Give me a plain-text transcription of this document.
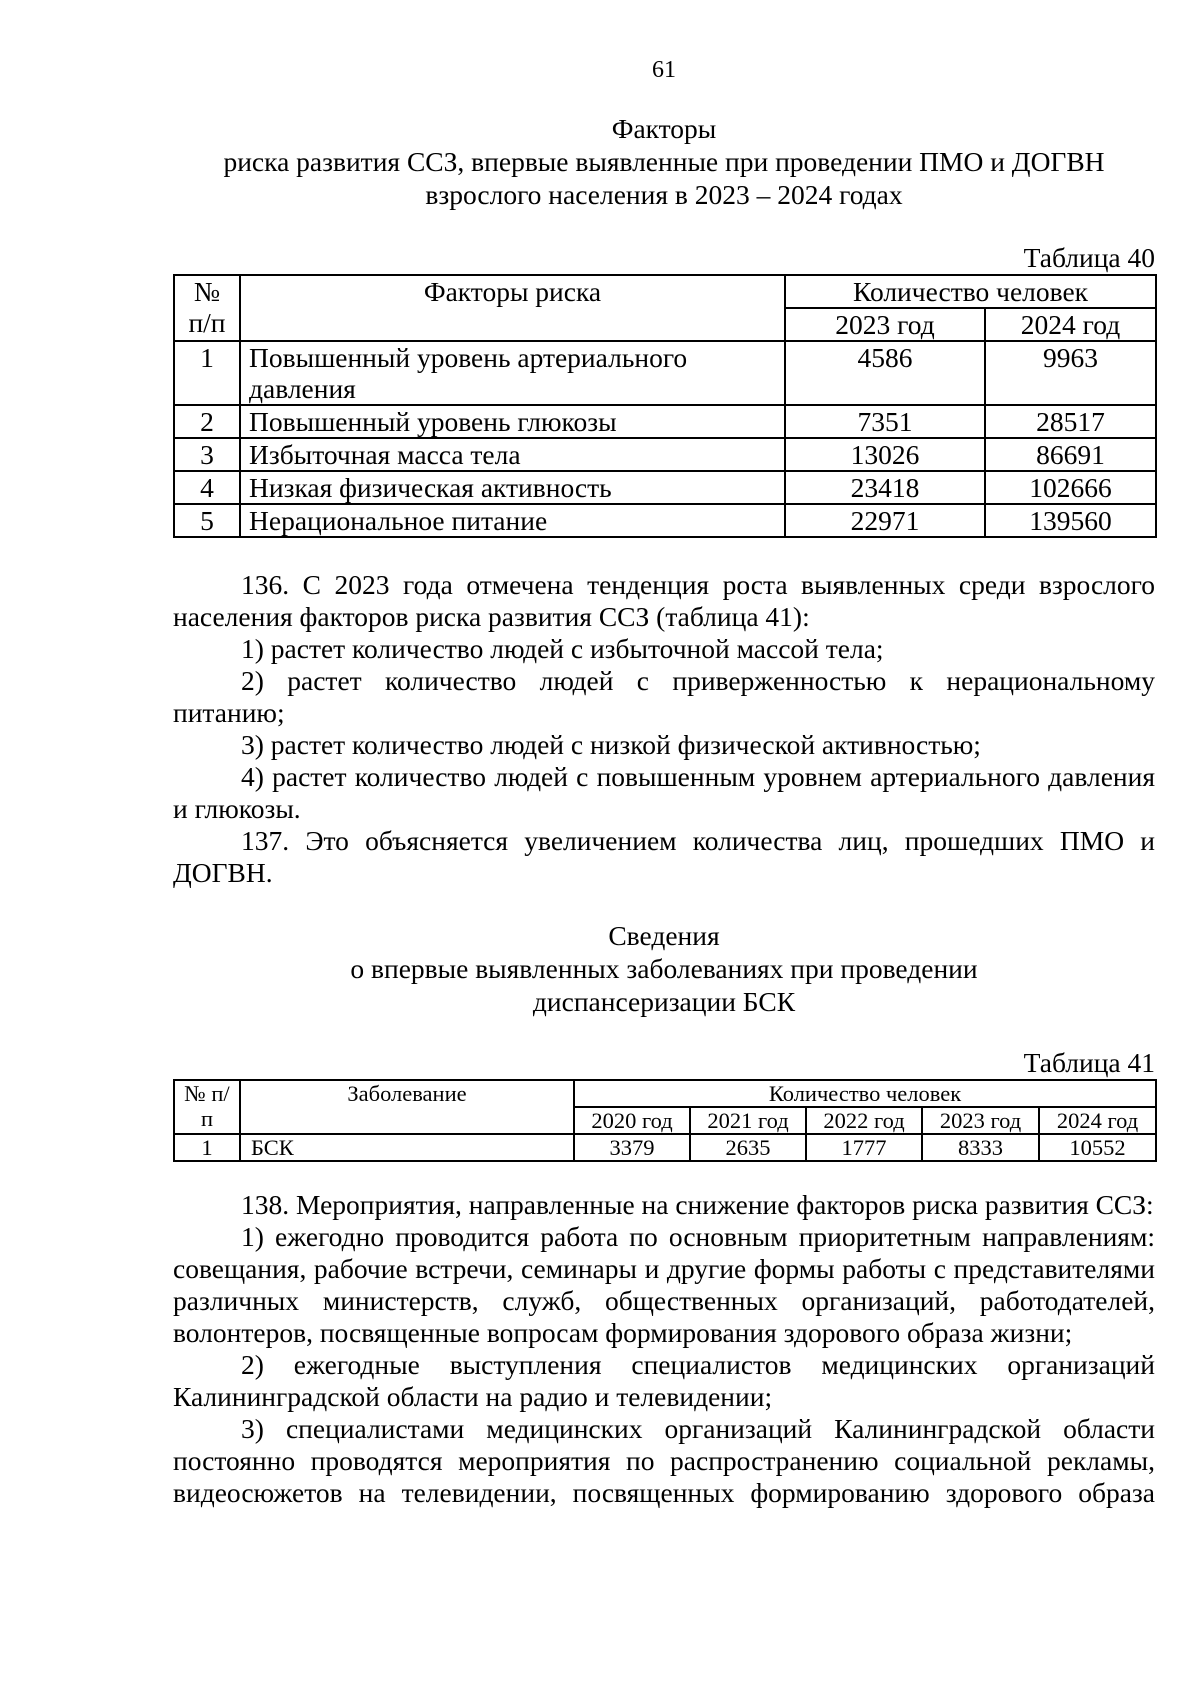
61
Факторы
риска развития ССЗ, впервые выявленные при проведении ПМО и ДОГВН
взрослого населения в 2023 – 2024 годах
Таблица 40
№ п/п	Факторы риска	Количество человек	
		2023 год	2024 год
1	Повышенный уровень артериального давления	4586	9963
2	Повышенный уровень глюкозы	7351	28517
3	Избыточная масса тела	13026	86691
4	Низкая физическая активность	23418	102666
5	Нерациональное питание	22971	139560

136. С 2023 года отмечена тенденция роста выявленных среди взрослого населения факторов риска развития ССЗ (таблица 41):

1) растет количество людей с избыточной массой тела;

2) растет количество людей с приверженностью к нерациональному питанию;

3) растет количество людей с низкой физической активностью;

4) растет количество людей с повышенным уровнем артериального давления и глюкозы.

137. Это объясняется увеличением количества лиц, прошедших ПМО и ДОГВН.

Сведения
о впервые выявленных заболеваниях при проведении
диспансеризации БСК
Таблица 41
№ п/п	Заболевание	Количество человек				
		2020 год	2021 год	2022 год	2023 год	2024 год
1	БСК	3379	2635	1777	8333	10552

138. Мероприятия, направленные на снижение факторов риска развития ССЗ:

1) ежегодно проводится работа по основным приоритетным направлениям: совещания, рабочие встречи, семинары и другие формы работы с представителями различных министерств, служб, общественных организаций, работодателей, волонтеров, посвященные вопросам формирования здорового образа жизни;

2) ежегодные выступления специалистов медицинских организаций Калининградской области на радио и телевидении;

3) специалистами медицинских организаций Калининградской области постоянно проводятся мероприятия по распространению социальной рекламы, видеосюжетов на телевидении, посвященных формированию здорового образа
